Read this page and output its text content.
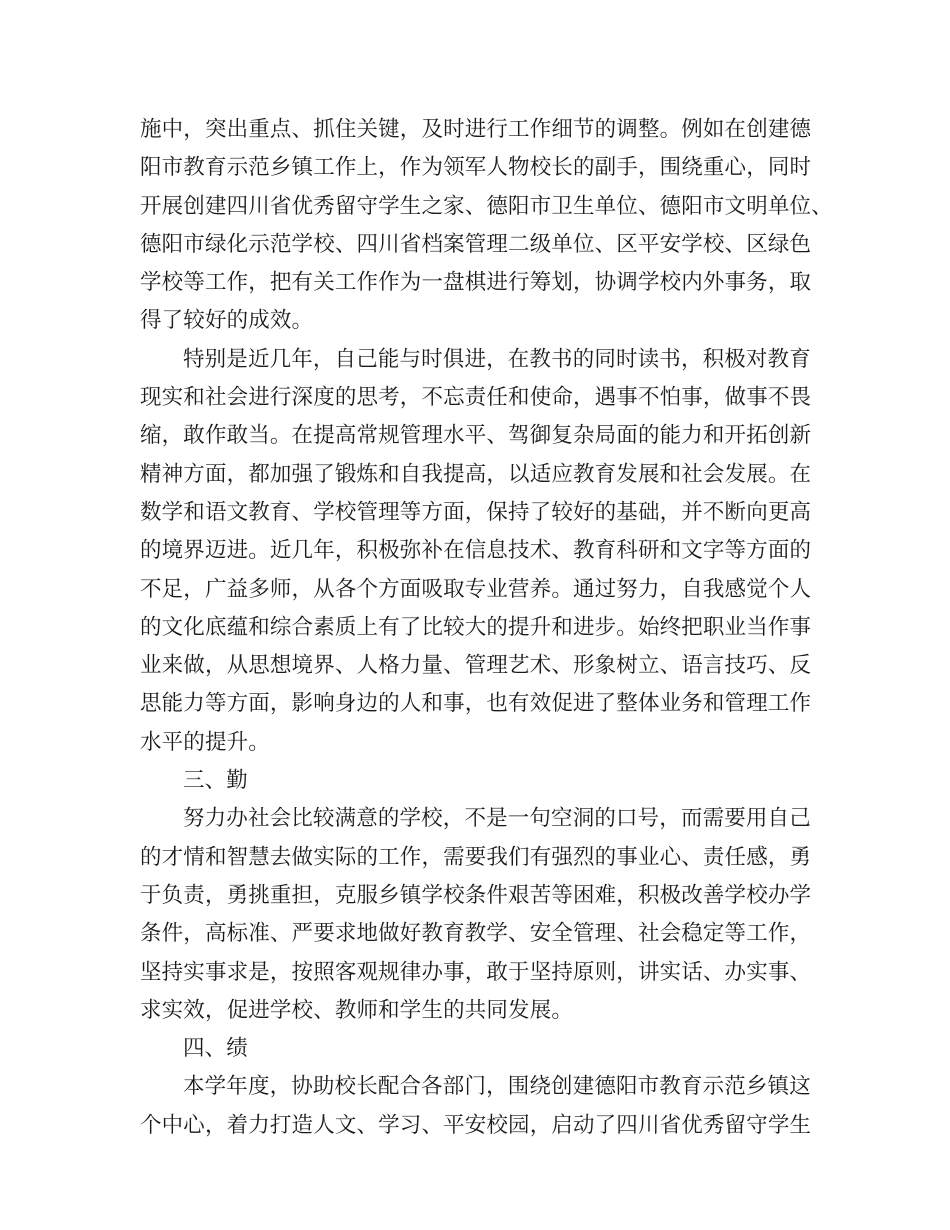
施中，突出重点、抓住关键，及时进行工作细节的调整。例如在创建德
阳市教育示范乡镇工作上，作为领军人物校长的副手，围绕重心，同时
开展创建四川省优秀留守学生之家、德阳市卫生单位、德阳市文明单位、
德阳市绿化示范学校、四川省档案管理二级单位、区平安学校、区绿色
学校等工作，把有关工作作为一盘棋进行筹划，协调学校内外事务，取
得了较好的成效。
特别是近几年，自己能与时俱进，在教书的同时读书，积极对教育
现实和社会进行深度的思考，不忘责任和使命，遇事不怕事，做事不畏
缩，敢作敢当。在提高常规管理水平、驾御复杂局面的能力和开拓创新
精神方面，都加强了锻炼和自我提高，以适应教育发展和社会发展。在
数学和语文教育、学校管理等方面，保持了较好的基础，并不断向更高
的境界迈进。近几年，积极弥补在信息技术、教育科研和文字等方面的
不足，广益多师，从各个方面吸取专业营养。通过努力，自我感觉个人
的文化底蕴和综合素质上有了比较大的提升和进步。始终把职业当作事
业来做，从思想境界、人格力量、管理艺术、形象树立、语言技巧、反
思能力等方面，影响身边的人和事，也有效促进了整体业务和管理工作
水平的提升。
三、勤
努力办社会比较满意的学校，不是一句空洞的口号，而需要用自己
的才情和智慧去做实际的工作，需要我们有强烈的事业心、责任感，勇
于负责，勇挑重担，克服乡镇学校条件艰苦等困难，积极改善学校办学
条件，高标准、严要求地做好教育教学、安全管理、社会稳定等工作，
坚持实事求是，按照客观规律办事，敢于坚持原则，讲实话、办实事、
求实效，促进学校、教师和学生的共同发展。
四、绩
本学年度，协助校长配合各部门，围绕创建德阳市教育示范乡镇这
个中心，着力打造人文、学习、平安校园，启动了四川省优秀留守学生
